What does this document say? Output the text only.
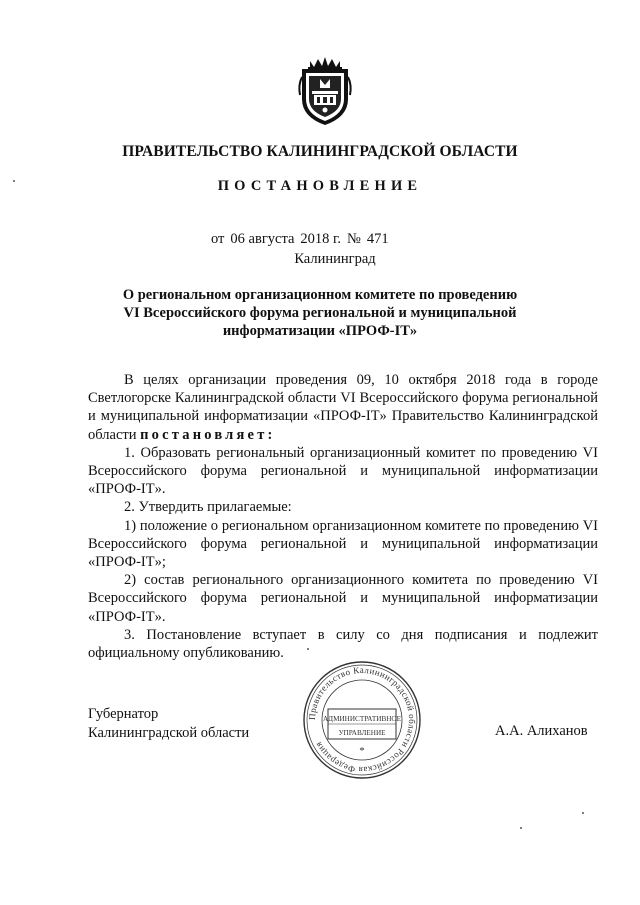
ПРАВИТЕЛЬСТВО КАЛИНИНГРАДСКОЙ ОБЛАСТИ
ПОСТАНОВЛЕНИЕ
от 06 августа 2018 г. № 471
Калининград
О региональном организационном комитете по проведению
VI Всероссийского форума региональной и муниципальной
информатизации «ПРОФ-IT»

В целях организации проведения 09, 10 октября 2018 года в городе Светлогорске Калининградской области VI Всероссийского форума региональной и муниципальной информатизации «ПРОФ-IT» Правительство Калининградской области постановляет:

1. Образовать региональный организационный комитет по проведению VI Всероссийского форума региональной и муниципальной информатизации «ПРОФ-IT».

2. Утвердить прилагаемые:

1) положение о региональном организационном комитете по проведению VI Всероссийского форума региональной и муниципальной информатизации «ПРОФ-IT»;

2) состав регионального организационного комитета по проведению VI Всероссийского форума региональной и муниципальной информатизации «ПРОФ-IT».

3. Постановление вступает в силу со дня подписания и подлежит официальному опубликованию.

Губернатор
Калининградской области	А.А. Алиханов
Правительство Калининградской области Российская Федерация
АДМИНИСТРАТИВНОЕ
УПРАВЛЕНИЕ
*
